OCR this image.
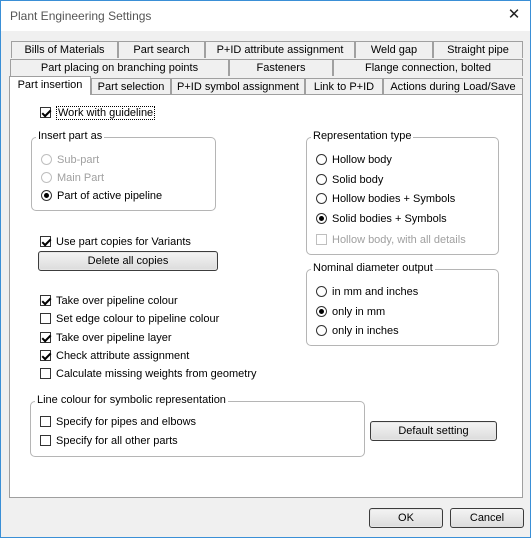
Plant Engineering Settings	✕
Bills of Materials	Part search	P+ID attribute assignment	Weld gap	Straight pipe
Part placing on branching points	Fasteners	Flange connection, bolted
Part insertion	Part selection	P+ID symbol assignment	Link to P+ID	Actions during Load/Save
Work with guideline
Insert part as
Sub-part
Main Part
Part of active pipeline
Representation type
Hollow body
Solid body
Hollow bodies + Symbols
Solid bodies + Symbols
Hollow body, with all details
Use part copies for Variants
Delete all copies
Nominal diameter output
in mm and inches
only in mm
only in inches
Take over pipeline colour
Set edge colour to pipeline colour
Take over pipeline layer
Check attribute assignment
Calculate missing weights from geometry
Line colour for symbolic representation
Specify for pipes and elbows
Specify for all other parts
Default setting
OK	Cancel
